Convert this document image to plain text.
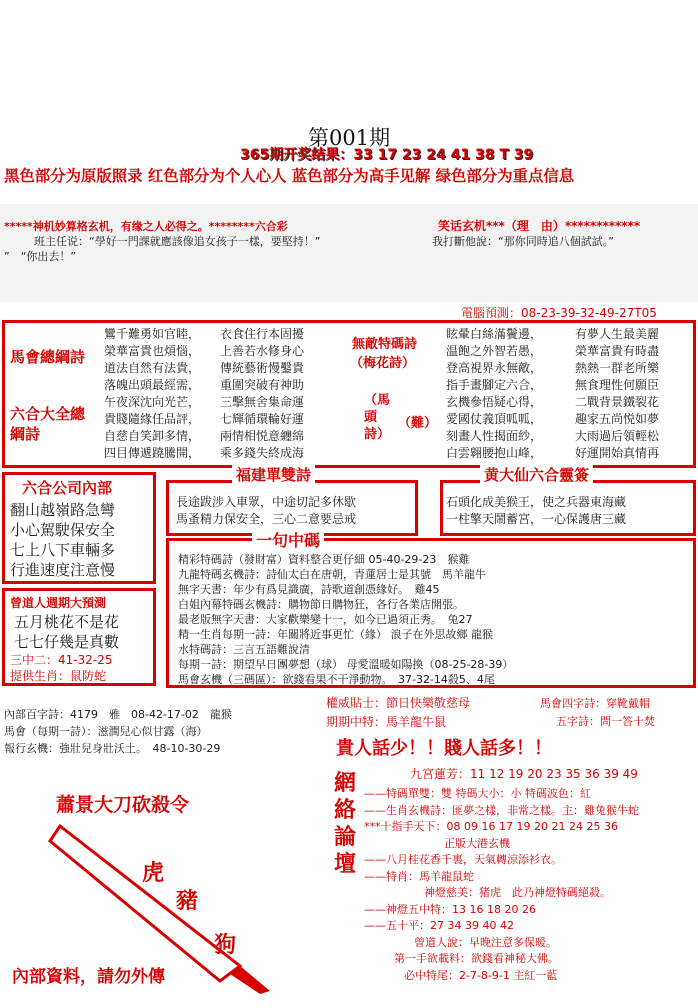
第001期
365期开奖结果：33 17 23 24 41 38 T 39
黑色部分为原版照录 红色部分为个人心人 蓝色部分为高手见解 绿色部分为重点信息
*****神机妙算格玄机，有缘之人必得之。********六合彩
班主任说：“學好一門課就應該像追女孩子一樣，要堅持！”
”　“你出去！”
笑话玄机***（理　由）************
我打斷他說：“那你同時追八個試試。”
電腦預測：08-23-39-32-49-27T05
馬會總綱詩
六合大全總綱詩
鸞千難勇如官睦，
榮華富貴也煩惱，
道法自然有法貴，
落魄出頭最經需，
午夜深沈向光芒，
貴賤隨緣任品評，
自慈自笑卸多情，
四目傳遞蹺騰開，
衣食住行本固擾
上善若水修身心
傳統藝術慢鑿貴
重圍突破有神助
三擊無舍集命運
七輝循環輪好運
兩情相悦意纏綿
乘多錢失終成海
無敵特碼詩
（梅花詩）
（馬頭詩）
（難）
眩暈白絲滿鬢邊，
温飽之外智若愚，
登高視界永無敵，
指手畫腳定六合，
玄機參悟疑心得，
愛國仗義頂呱呱，
刻畫人性揭面紗，
白雲翱腰抱山峰，
有夢人生最美麗
榮華富貴有時盡
熱熱一群老所樂
無食理性何願臣
二戰背景鐵裂花
趣家五尚悦如夢
大雨過后領輕松
好運開始真情再
六合公司內部
翻山越嶺路急彎
小心駕駛保安全
七上八下車輛多
行進速度注意慢
福建單雙詩
長途跋涉入車眾，中途切記多休歇
馬蚤精力保安全，三心二意要忌戒
黄大仙六合靈簽
石頭化成美猴王，使之兵器東海藏
一柱擎天鬧蓄宮，一心保護唐三藏
曾道人週期大預測
五月桃花不是花
七七仔幾是真數
三中二：41-32-25
提供生肖：鼠防蛇
一句中碼
精彩特碼詩（發財富）資料整合更仔細 05-40-29-23　猴雞
九龍特碼玄機詩：詩仙太白在唐朝，青蓮居士是其號　馬羊龍牛
無字天書：年少有爲見識廣，詩歌道創憑緣好。　雞45
白姐內幕特碼玄機詩：購物節日購物狂，各行各業店開張。
最老版無字天書：大家歡樂變十一，如今已過須正秀。　兔27
精一生肖每期一詩：年關將近事更忙（緣） 浪子在外思故鄉 龍猴
水特碼詩：三言五語難說清
每期一詩：期望早日團夢想（球） 母愛溫暖如陽換（08-25-28-39）
馬會玄機（三碼區）：欲錢看果不干淨動物。　37-32-14殺5、4尾
內部百字詩：4179　雅　08-42-17-02　龍猴
馬會（每期一詩）：滋潤兒心似甘露（海）
報行玄機：強壯兒身壯沃土。　48-10-30-29
權威貼士：節日快樂敬慈母
期期中特：馬羊龍牛鼠
馬會四字詩：穿靴戴帽
五字詩：問一答十焚
貴人話少！！賤人話多！！
蕭景大刀砍殺令
虎
豬
狗
內部資料，請勿外傳
網
絡
論
壇
九宮蓮芳：11 12 19 20 23 35 36 39 49
——特碼單雙：雙 特碼大小：小 特碼波色：紅
——生肖玄機詩：匪夢之樣，非常之樣。主：雞兔猴牛蛇
***十指手天下：08 09 16 17 19 20 21 24 25 36
正版大港玄機
——八月桂花香千裏，天氣轉涼添衫衣。
——特肖：馬羊龍鼠蛇
神燈慈美：猪虎　此乃神燈特碼絕殺。
——神燈五中特：13 16 18 20 26
——五十平：27 34 39 40 42
曾道人說：早晚注意多保暖。
第一手欲載料：欲錢看神秘大佛。
必中特尾：2-7-8-9-1 主紅一藍
